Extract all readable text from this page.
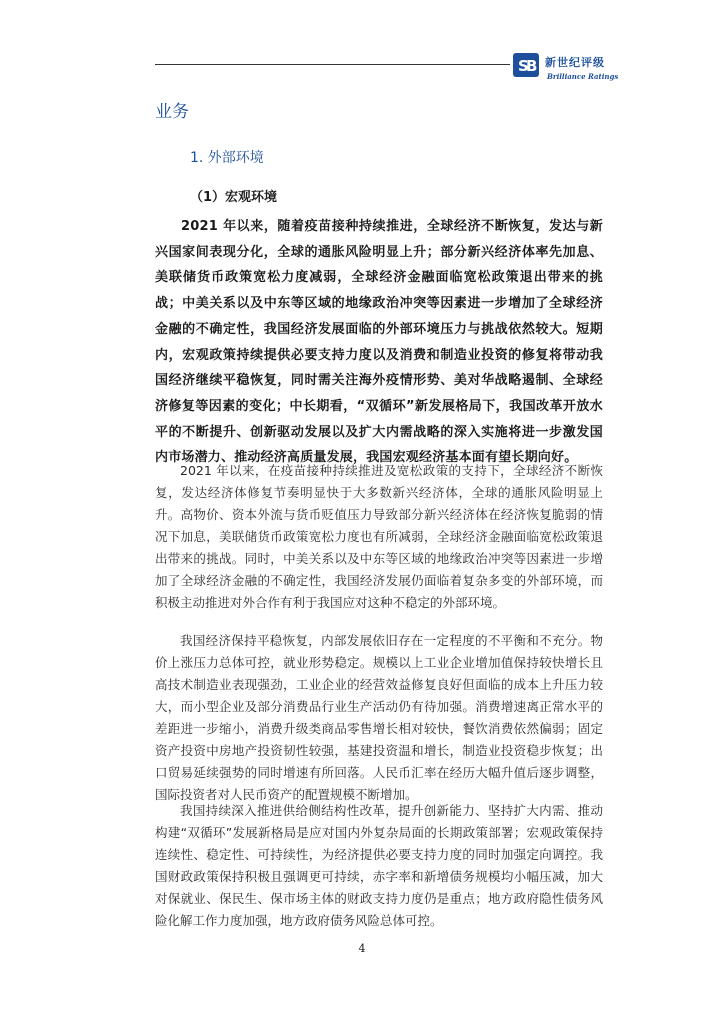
S
B 新世纪评级
Brilliance Ratings
业务
1. 外部环境
（1）宏观环境

2021 年以来，随着疫苗接种持续推进，全球经济不断恢复，发达与新兴国家间表现分化，全球的通胀风险明显上升；部分新兴经济体率先加息、美联储货币政策宽松力度减弱，全球经济金融面临宽松政策退出带来的挑战；中美关系以及中东等区域的地缘政治冲突等因素进一步增加了全球经济金融的不确定性，我国经济发展面临的外部环境压力与挑战依然较大。短期内，宏观政策持续提供必要支持力度以及消费和制造业投资的修复将带动我国经济继续平稳恢复，同时需关注海外疫情形势、美对华战略遏制、全球经济修复等因素的变化；中长期看，“双循环”新发展格局下，我国改革开放水平的不断提升、创新驱动发展以及扩大内需战略的深入实施将进一步激发国内市场潜力、推动经济高质量发展，我国宏观经济基本面有望长期向好。

2021 年以来，在疫苗接种持续推进及宽松政策的支持下，全球经济不断恢复，发达经济体修复节奏明显快于大多数新兴经济体，全球的通胀风险明显上升。高物价、资本外流与货币贬值压力导致部分新兴经济体在经济恢复脆弱的情况下加息，美联储货币政策宽松力度也有所减弱，全球经济金融面临宽松政策退出带来的挑战。同时，中美关系以及中东等区域的地缘政治冲突等因素进一步增加了全球经济金融的不确定性，我国经济发展仍面临着复杂多变的外部环境，而积极主动推进对外合作有利于我国应对这种不稳定的外部环境。

我国经济保持平稳恢复，内部发展依旧存在一定程度的不平衡和不充分。物价上涨压力总体可控，就业形势稳定。规模以上工业企业增加值保持较快增长且高技术制造业表现强劲，工业企业的经营效益修复良好但面临的成本上升压力较大，而小型企业及部分消费品行业生产活动仍有待加强。消费增速离正常水平的差距进一步缩小，消费升级类商品零售增长相对较快，餐饮消费依然偏弱；固定资产投资中房地产投资韧性较强，基建投资温和增长，制造业投资稳步恢复；出口贸易延续强势的同时增速有所回落。人民币汇率在经历大幅升值后逐步调整，国际投资者对人民币资产的配置规模不断增加。

我国持续深入推进供给侧结构性改革，提升创新能力、坚持扩大内需、推动构建“双循环”发展新格局是应对国内外复杂局面的长期政策部署；宏观政策保持连续性、稳定性、可持续性，为经济提供必要支持力度的同时加强定向调控。我国财政政策保持积极且强调更可持续，赤字率和新增债务规模均小幅压减，加大对保就业、保民生、保市场主体的财政支持力度仍是重点；地方政府隐性债务风险化解工作力度加强，地方政府债务风险总体可控。

4
